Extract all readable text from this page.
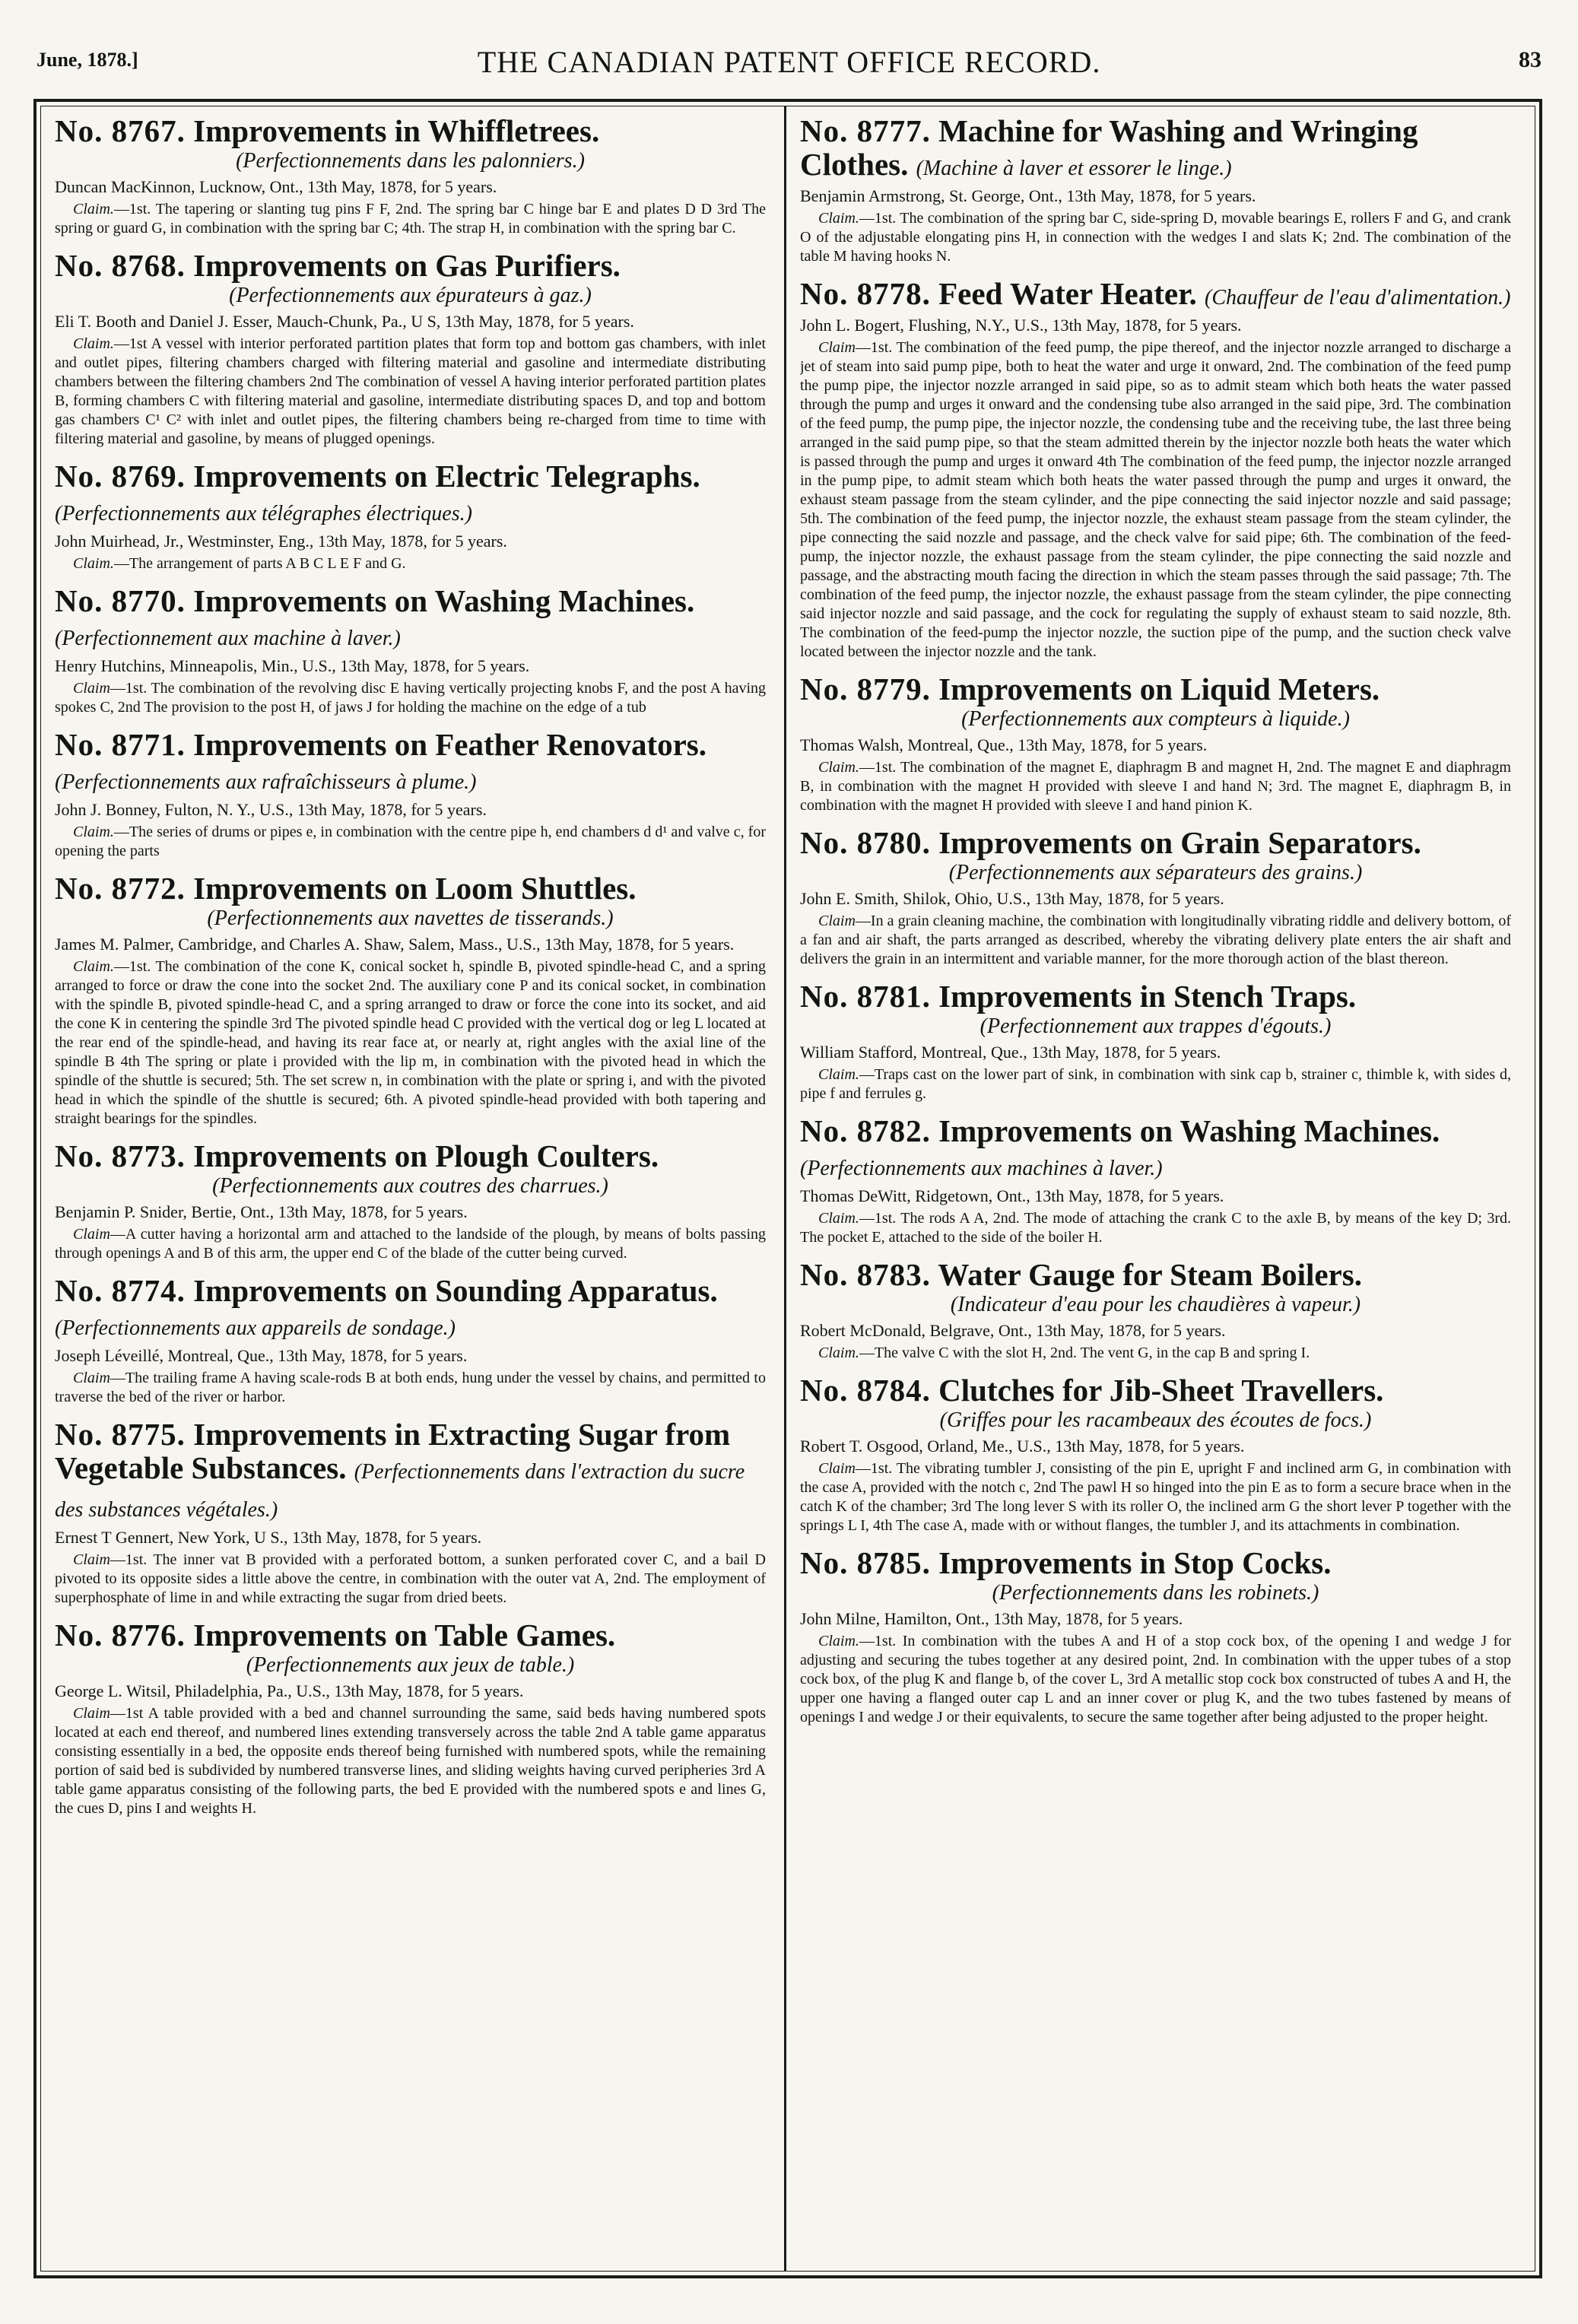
June, 1878.]	THE CANADIAN PATENT OFFICE RECORD.	83
No. 8767. Improvements in Whiffletrees.
(Perfectionnements dans les palonniers.)

Duncan MacKinnon, Lucknow, Ont., 13th May, 1878, for 5 years.

Claim.—1st. The tapering or slanting tug pins F F, 2nd. The spring bar C hinge bar E and plates D D 3rd The spring or guard G, in combination with the spring bar C; 4th. The strap H, in combination with the spring bar C.

No. 8768. Improvements on Gas Purifiers.
(Perfectionnements aux épurateurs à gaz.)

Eli T. Booth and Daniel J. Esser, Mauch-Chunk, Pa., U S, 13th May, 1878, for 5 years.

Claim.—1st A vessel with interior perforated partition plates that form top and bottom gas chambers, with inlet and outlet pipes, filtering chambers charged with filtering material and gasoline and intermediate distributing chambers between the filtering chambers 2nd The combination of vessel A having interior perforated partition plates B, forming chambers C with filtering material and gasoline, intermediate distributing spaces D, and top and bottom gas chambers C¹ C² with inlet and outlet pipes, the filtering chambers being re-charged from time to time with filtering material and gasoline, by means of plugged openings.

No. 8769. Improvements on Electric Telegraphs. (Perfectionnements aux télégraphes électriques.)

John Muirhead, Jr., Westminster, Eng., 13th May, 1878, for 5 years.

Claim.—The arrangement of parts A B C L E F and G.

No. 8770. Improvements on Washing Machines. (Perfectionnement aux machine à laver.)

Henry Hutchins, Minneapolis, Min., U.S., 13th May, 1878, for 5 years.

Claim—1st. The combination of the revolving disc E having vertically projecting knobs F, and the post A having spokes C, 2nd The provision to the post H, of jaws J for holding the machine on the edge of a tub

No. 8771. Improvements on Feather Renovators. (Perfectionnements aux rafraîchisseurs à plume.)

John J. Bonney, Fulton, N. Y., U.S., 13th May, 1878, for 5 years.

Claim.—The series of drums or pipes e, in combination with the centre pipe h, end chambers d d¹ and valve c, for opening the parts

No. 8772. Improvements on Loom Shuttles.
(Perfectionnements aux navettes de tisserands.)

James M. Palmer, Cambridge, and Charles A. Shaw, Salem, Mass., U.S., 13th May, 1878, for 5 years.

Claim.—1st. The combination of the cone K, conical socket h, spindle B, pivoted spindle-head C, and a spring arranged to force or draw the cone into the socket 2nd. The auxiliary cone P and its conical socket, in combination with the spindle B, pivoted spindle-head C, and a spring arranged to draw or force the cone into its socket, and aid the cone K in centering the spindle 3rd The pivoted spindle head C provided with the vertical dog or leg L located at the rear end of the spindle-head, and having its rear face at, or nearly at, right angles with the axial line of the spindle B 4th The spring or plate i provided with the lip m, in combination with the pivoted head in which the spindle of the shuttle is secured; 5th. The set screw n, in combination with the plate or spring i, and with the pivoted head in which the spindle of the shuttle is secured; 6th. A pivoted spindle-head provided with both tapering and straight bearings for the spindles.

No. 8773. Improvements on Plough Coulters.
(Perfectionnements aux coutres des charrues.)

Benjamin P. Snider, Bertie, Ont., 13th May, 1878, for 5 years.

Claim—A cutter having a horizontal arm and attached to the landside of the plough, by means of bolts passing through openings A and B of this arm, the upper end C of the blade of the cutter being curved.

No. 8774. Improvements on Sounding Apparatus. (Perfectionnements aux appareils de sondage.)

Joseph Léveillé, Montreal, Que., 13th May, 1878, for 5 years.

Claim—The trailing frame A having scale-rods B at both ends, hung under the vessel by chains, and permitted to traverse the bed of the river or harbor.

No. 8775. Improvements in Extracting Sugar from Vegetable Substances. (Perfectionnements dans l'extraction du sucre des substances végétales.)

Ernest T Gennert, New York, U S., 13th May, 1878, for 5 years.

Claim—1st. The inner vat B provided with a perforated bottom, a sunken perforated cover C, and a bail D pivoted to its opposite sides a little above the centre, in combination with the outer vat A, 2nd. The employment of superphosphate of lime in and while extracting the sugar from dried beets.

No. 8776. Improvements on Table Games.
(Perfectionnements aux jeux de table.)

George L. Witsil, Philadelphia, Pa., U.S., 13th May, 1878, for 5 years.

Claim—1st A table provided with a bed and channel surrounding the same, said beds having numbered spots located at each end thereof, and numbered lines extending transversely across the table 2nd A table game apparatus consisting essentially in a bed, the opposite ends thereof being furnished with numbered spots, while the remaining portion of said bed is subdivided by numbered transverse lines, and sliding weights having curved peripheries 3rd A table game apparatus consisting of the following parts, the bed E provided with the numbered spots e and lines G, the cues D, pins I and weights H.

No. 8777. Machine for Washing and Wringing Clothes. (Machine à laver et essorer le linge.)

Benjamin Armstrong, St. George, Ont., 13th May, 1878, for 5 years.

Claim.—1st. The combination of the spring bar C, side-spring D, movable bearings E, rollers F and G, and crank O of the adjustable elongating pins H, in connection with the wedges I and slats K; 2nd. The combination of the table M having hooks N.

No. 8778. Feed Water Heater. (Chauffeur de l'eau d'alimentation.)

John L. Bogert, Flushing, N.Y., U.S., 13th May, 1878, for 5 years.

Claim—1st. The combination of the feed pump, the pipe thereof, and the injector nozzle arranged to discharge a jet of steam into said pump pipe, both to heat the water and urge it onward, 2nd. The combination of the feed pump the pump pipe, the injector nozzle arranged in said pipe, so as to admit steam which both heats the water passed through the pump and urges it onward and the condensing tube also arranged in the said pipe, 3rd. The combination of the feed pump, the pump pipe, the injector nozzle, the condensing tube and the receiving tube, the last three being arranged in the said pump pipe, so that the steam admitted therein by the injector nozzle both heats the water which is passed through the pump and urges it onward 4th The combination of the feed pump, the injector nozzle arranged in the pump pipe, to admit steam which both heats the water passed through the pump and urges it onward, the exhaust steam passage from the steam cylinder, and the pipe connecting the said injector nozzle and said passage; 5th. The combination of the feed pump, the injector nozzle, the exhaust steam passage from the steam cylinder, the pipe connecting the said nozzle and passage, and the check valve for said pipe; 6th. The combination of the feed-pump, the injector nozzle, the exhaust passage from the steam cylinder, the pipe connecting the said nozzle and passage, and the abstracting mouth facing the direction in which the steam passes through the said passage; 7th. The combination of the feed pump, the injector nozzle, the exhaust passage from the steam cylinder, the pipe connecting said injector nozzle and said passage, and the cock for regulating the supply of exhaust steam to said nozzle, 8th. The combination of the feed-pump the injector nozzle, the suction pipe of the pump, and the suction check valve located between the injector nozzle and the tank.

No. 8779. Improvements on Liquid Meters.
(Perfectionnements aux compteurs à liquide.)

Thomas Walsh, Montreal, Que., 13th May, 1878, for 5 years.

Claim.—1st. The combination of the magnet E, diaphragm B and magnet H, 2nd. The magnet E and diaphragm B, in combination with the magnet H provided with sleeve I and hand N; 3rd. The magnet E, diaphragm B, in combination with the magnet H provided with sleeve I and hand pinion K.

No. 8780. Improvements on Grain Separators.
(Perfectionnements aux séparateurs des grains.)

John E. Smith, Shilok, Ohio, U.S., 13th May, 1878, for 5 years.

Claim—In a grain cleaning machine, the combination with longitudinally vibrating riddle and delivery bottom, of a fan and air shaft, the parts arranged as described, whereby the vibrating delivery plate enters the air shaft and delivers the grain in an intermittent and variable manner, for the more thorough action of the blast thereon.

No. 8781. Improvements in Stench Traps.
(Perfectionnement aux trappes d'égouts.)

William Stafford, Montreal, Que., 13th May, 1878, for 5 years.

Claim.—Traps cast on the lower part of sink, in combination with sink cap b, strainer c, thimble k, with sides d, pipe f and ferrules g.

No. 8782. Improvements on Washing Machines. (Perfectionnements aux machines à laver.)

Thomas DeWitt, Ridgetown, Ont., 13th May, 1878, for 5 years.

Claim.—1st. The rods A A, 2nd. The mode of attaching the crank C to the axle B, by means of the key D; 3rd. The pocket E, attached to the side of the boiler H.

No. 8783. Water Gauge for Steam Boilers.
(Indicateur d'eau pour les chaudières à vapeur.)

Robert McDonald, Belgrave, Ont., 13th May, 1878, for 5 years.

Claim.—The valve C with the slot H, 2nd. The vent G, in the cap B and spring I.

No. 8784. Clutches for Jib-Sheet Travellers.
(Griffes pour les racambeaux des écoutes de focs.)

Robert T. Osgood, Orland, Me., U.S., 13th May, 1878, for 5 years.

Claim—1st. The vibrating tumbler J, consisting of the pin E, upright F and inclined arm G, in combination with the case A, provided with the notch c, 2nd The pawl H so hinged into the pin E as to form a secure brace when in the catch K of the chamber; 3rd The long lever S with its roller O, the inclined arm G the short lever P together with the springs L I, 4th The case A, made with or without flanges, the tumbler J, and its attachments in combination.

No. 8785. Improvements in Stop Cocks.
(Perfectionnements dans les robinets.)

John Milne, Hamilton, Ont., 13th May, 1878, for 5 years.

Claim.—1st. In combination with the tubes A and H of a stop cock box, of the opening I and wedge J for adjusting and securing the tubes together at any desired point, 2nd. In combination with the upper tubes of a stop cock box, of the plug K and flange b, of the cover L, 3rd A metallic stop cock box constructed of tubes A and H, the upper one having a flanged outer cap L and an inner cover or plug K, and the two tubes fastened by means of openings I and wedge J or their equivalents, to secure the same together after being adjusted to the proper height.
